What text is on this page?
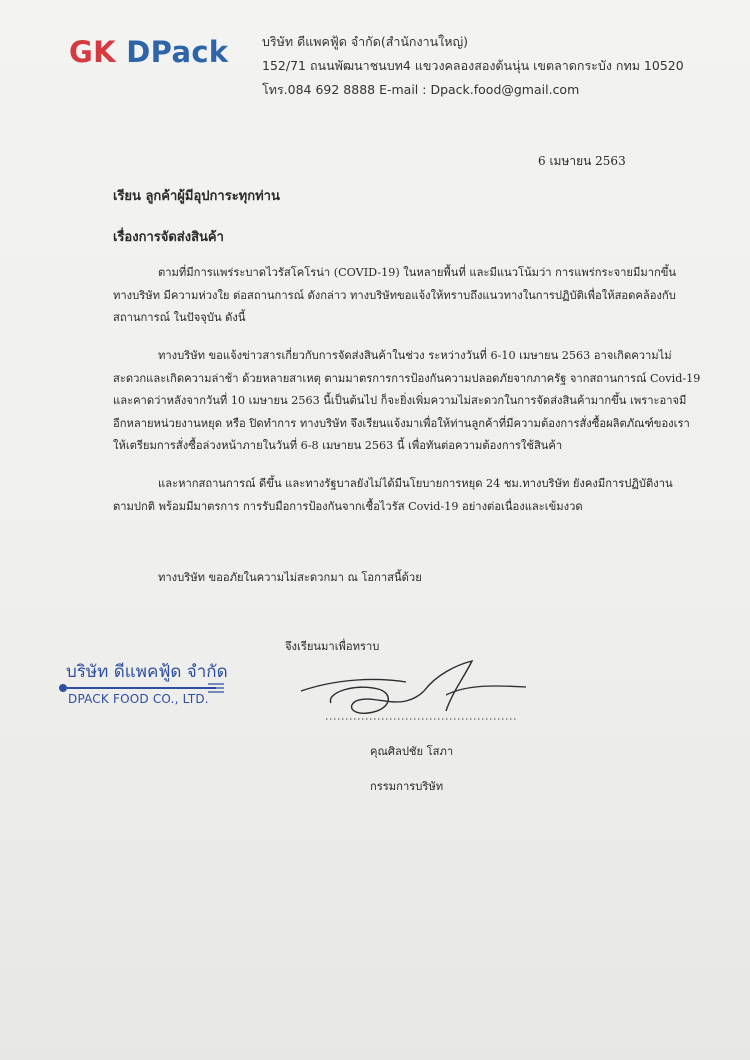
GK DPack	บริษัท ดีแพคฟู้ด จำกัด(สำนักงานใหญ่)
152/71 ถนนพัฒนาชนบท4 แขวงคลองสองต้นนุ่น เขตลาดกระบัง กทม 10520
โทร.084 692 8888 E-mail : Dpack.food@gmail.com
6 เมษายน 2563
เรียน ลูกค้าผู้มีอุปการะทุกท่าน
เรื่องการจัดส่งสินค้า
ตามที่มีการแพร่ระบาดไวรัสโคโรน่า (COVID-19) ในหลายพื้นที่ และมีแนวโน้มว่า การแพร่กระจายมีมากขึ้น
ทางบริษัท มีความห่วงใย ต่อสถานการณ์ ดังกล่าว ทางบริษัทขอแจ้งให้ทราบถึงแนวทางในการปฏิบัติเพื่อให้สอดคล้องกับ
สถานการณ์ ในปัจจุบัน ดังนี้
ทางบริษัท ขอแจ้งข่าวสารเกี่ยวกับการจัดส่งสินค้าในช่วง ระหว่างวันที่ 6-10 เมษายน 2563 อาจเกิดความไม่
สะดวกและเกิดความล่าช้า ด้วยหลายสาเหตุ ตามมาตรการการป้องกันความปลอดภัยจากภาครัฐ จากสถานการณ์ Covid-19
และคาดว่าหลังจากวันที่ 10 เมษายน 2563 นี้เป็นต้นไป ก็จะยิ่งเพิ่มความไม่สะดวกในการจัดส่งสินค้ามากขึ้น เพราะอาจมี
อีกหลายหน่วยงานหยุด หรือ ปิดทำการ ทางบริษัท จึงเรียนแจ้งมาเพื่อให้ท่านลูกค้าที่มีความต้องการสั่งซื้อผลิตภัณฑ์ของเรา
ให้เตรียมการสั่งซื้อล่วงหน้าภายในวันที่ 6-8 เมษายน 2563 นี้ เพื่อทันต่อความต้องการใช้สินค้า
และหากสถานการณ์ ดีขึ้น และทางรัฐบาลยังไม่ได้มีนโยบายการหยุด 24 ชม.ทางบริษัท ยังคงมีการปฏิบัติงาน
ตามปกติ พร้อมมีมาตรการ การรับมือการป้องกันจากเชื้อไวรัส Covid-19 อย่างต่อเนื่องและเข้มงวด
ทางบริษัท ขออภัยในความไม่สะดวกมา ณ โอกาสนี้ด้วย
จึงเรียนมาเพื่อทราบ
บริษัท ดีแพคฟู้ด จำกัด
DPACK FOOD CO., LTD.
คุณศิลปชัย โสภา
กรรมการบริษัท
